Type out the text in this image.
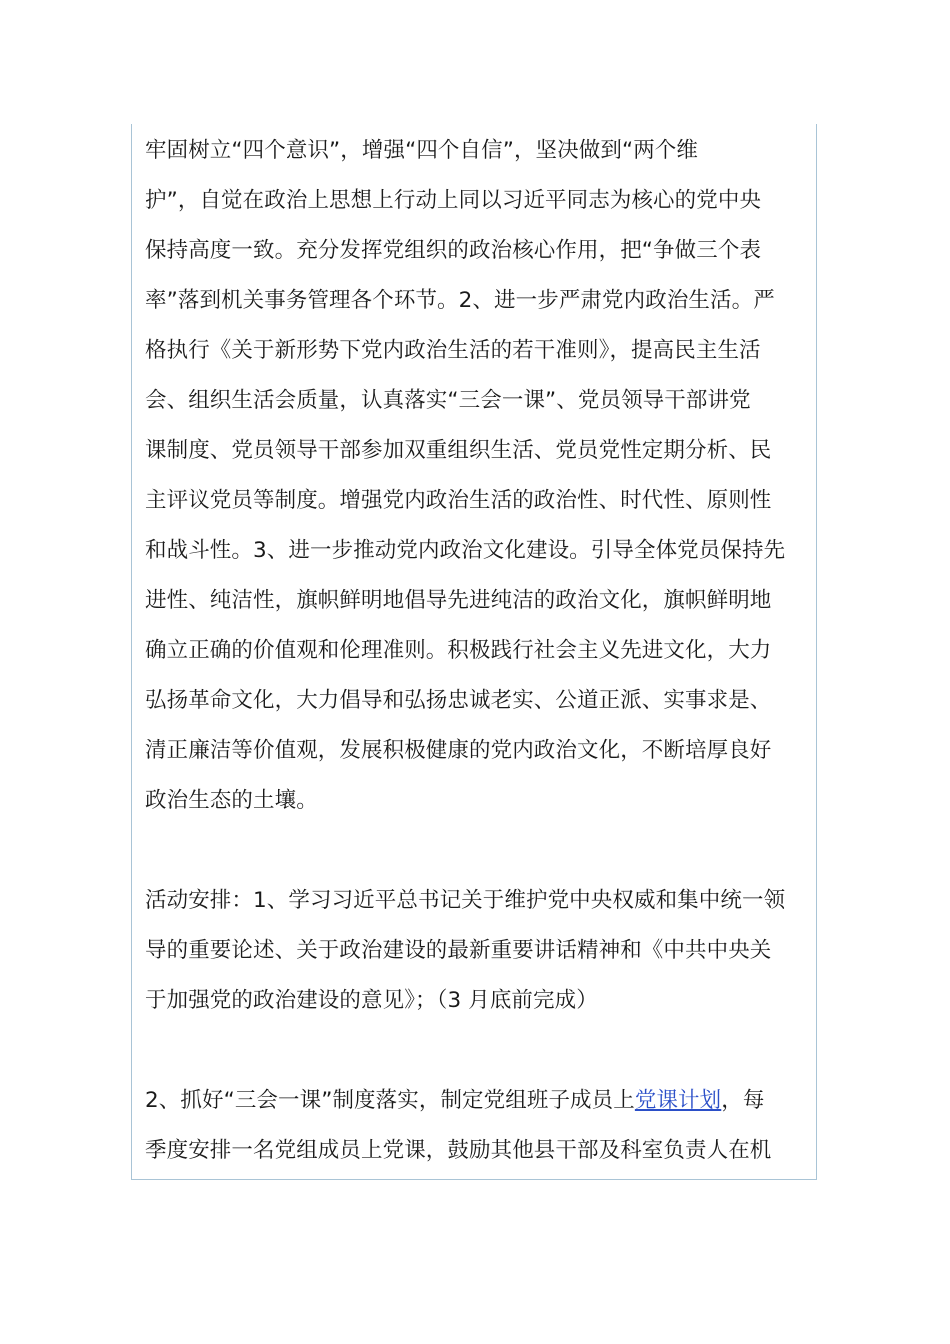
牢固树立“四个意识”，增强“四个自信”，坚决做到“两个维
护”，自觉在政治上思想上行动上同以习近平同志为核心的党中央
保持高度一致。充分发挥党组织的政治核心作用，把“争做三个表
率”落到机关事务管理各个环节。2、进一步严肃党内政治生活。严
格执行《关于新形势下党内政治生活的若干准则》，提高民主生活
会、组织生活会质量，认真落实“三会一课”、党员领导干部讲党
课制度、党员领导干部参加双重组织生活、党员党性定期分析、民
主评议党员等制度。增强党内政治生活的政治性、时代性、原则性
和战斗性。3、进一步推动党内政治文化建设。引导全体党员保持先
进性、纯洁性，旗帜鲜明地倡导先进纯洁的政治文化，旗帜鲜明地
确立正确的价值观和伦理准则。积极践行社会主义先进文化，大力
弘扬革命文化，大力倡导和弘扬忠诚老实、公道正派、实事求是、
清正廉洁等价值观，发展积极健康的党内政治文化，不断培厚良好
政治生态的土壤。
活动安排：1、学习习近平总书记关于维护党中央权威和集中统一领
导的重要论述、关于政治建设的最新重要讲话精神和《中共中央关
于加强党的政治建设的意见》；（3 月底前完成）
2、抓好“三会一课”制度落实，制定党组班子成员上党课计划，每
季度安排一名党组成员上党课，鼓励其他县干部及科室负责人在机
